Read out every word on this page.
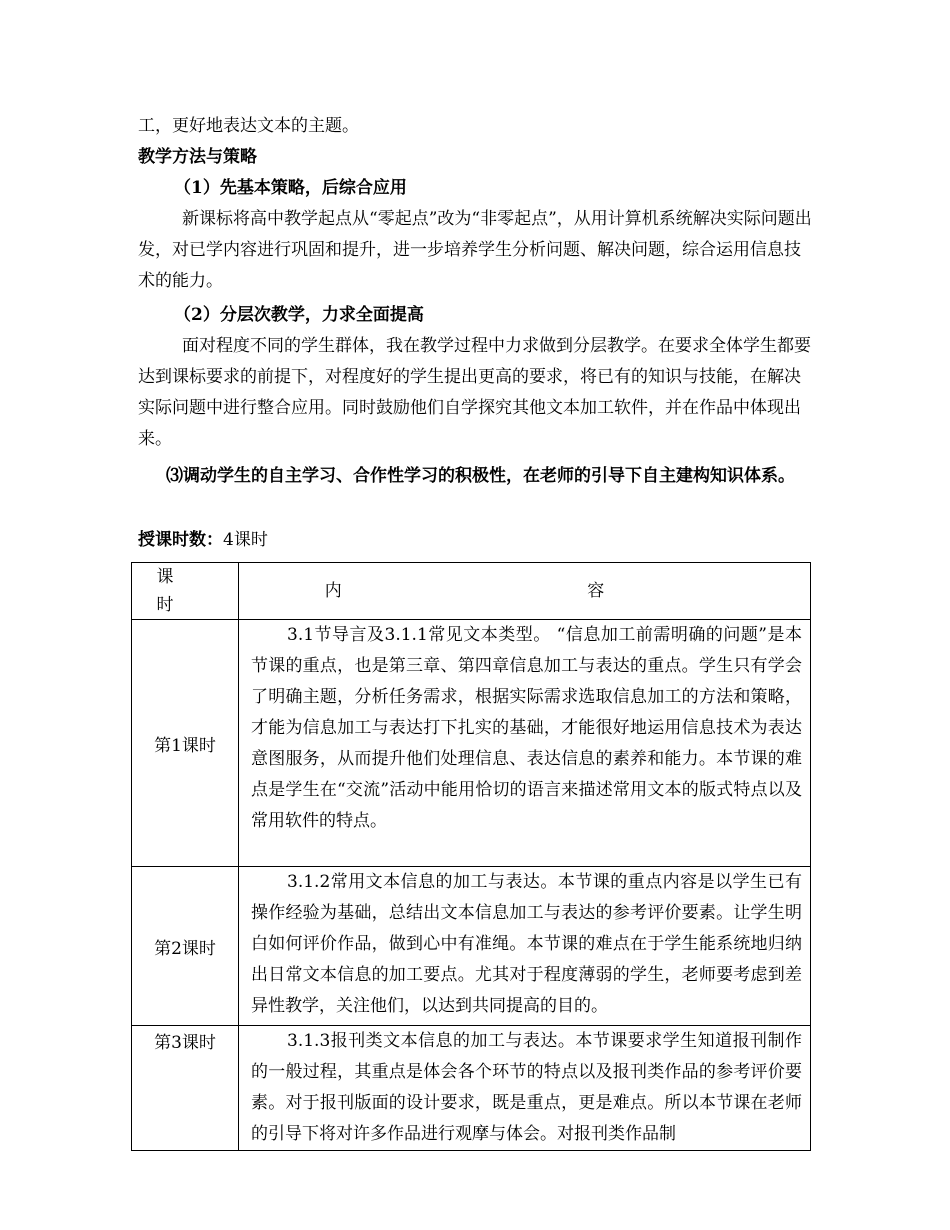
工，更好地表达文本的主题。

教学方法与策略

（1）先基本策略，后综合应用

新课标将高中教学起点从“零起点”改为“非零起点”，从用计算机系统解决实际问题出发，对已学内容进行巩固和提升，进一步培养学生分析问题、解决问题，综合运用信息技术的能力。

（2）分层次教学，力求全面提高

面对程度不同的学生群体，我在教学过程中力求做到分层教学。在要求全体学生都要达到课标要求的前提下，对程度好的学生提出更高的要求，将已有的知识与技能，在解决实际问题中进行整合应用。同时鼓励他们自学探究其他文本加工软件，并在作品中体现出来。

⑶调动学生的自主学习、合作性学习的积极性，在老师的引导下自主建构知识体系。

授课时数：4课时

课 时	内 容
第1课时	3.1节导言及3.1.1常见文本类型。 “信息加工前需明确的问题”是本节课的重点，也是第三章、第四章信息加工与表达的重点。学生只有学会了明确主题，分析任务需求，根据实际需求选取信息加工的方法和策略，才能为信息加工与表达打下扎实的基础，才能很好地运用信息技术为表达意图服务，从而提升他们处理信息、表达信息的素养和能力。本节课的难点是学生在“交流”活动中能用恰切的语言来描述常用文本的版式特点以及常用软件的特点。
第2课时	3.1.2常用文本信息的加工与表达。本节课的重点内容是以学生已有操作经验为基础，总结出文本信息加工与表达的参考评价要素。让学生明白如何评价作品，做到心中有准绳。本节课的难点在于学生能系统地归纳出日常文本信息的加工要点。尤其对于程度薄弱的学生，老师要考虑到差异性教学，关注他们，以达到共同提高的目的。
第3课时	3.1.3报刊类文本信息的加工与表达。本节课要求学生知道报刊制作的一般过程，其重点是体会各个环节的特点以及报刊类作品的参考评价要素。对于报刊版面的设计要求，既是重点，更是难点。所以本节课在老师的引导下将对许多作品进行观摩与体会。对报刊类作品制
